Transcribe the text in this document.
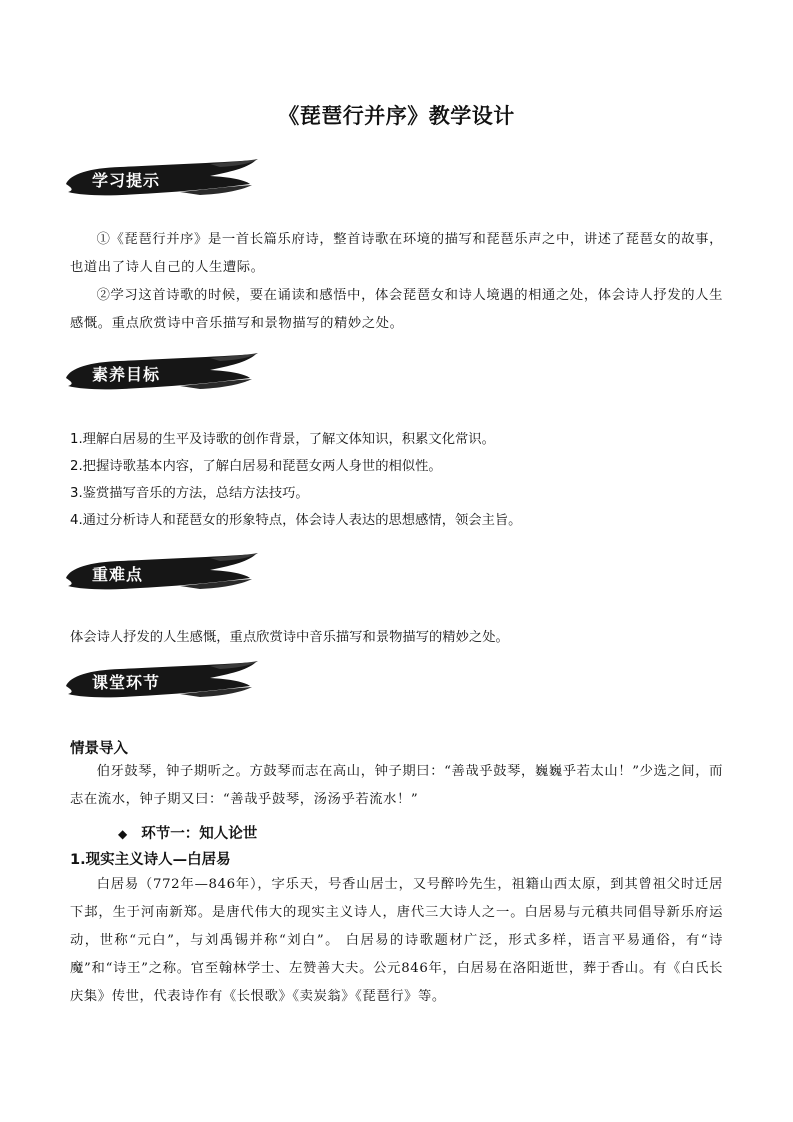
《琵琶行并序》教学设计
学习提示
①《琵琶行并序》是一首长篇乐府诗，整首诗歌在环境的描写和琵琶乐声之中，讲述了琵琶女的故事，也道出了诗人自己的人生遭际。
②学习这首诗歌的时候，要在诵读和感悟中，体会琵琶女和诗人境遇的相通之处，体会诗人抒发的人生感慨。重点欣赏诗中音乐描写和景物描写的精妙之处。
素养目标
1.理解白居易的生平及诗歌的创作背景，了解文体知识，积累文化常识。
2.把握诗歌基本内容，了解白居易和琵琶女两人身世的相似性。
3.鉴赏描写音乐的方法，总结方法技巧。
4.通过分析诗人和琵琶女的形象特点，体会诗人表达的思想感情，领会主旨。
重难点
体会诗人抒发的人生感慨，重点欣赏诗中音乐描写和景物描写的精妙之处。
课堂环节
情景导入
伯牙鼓琴，钟子期听之。方鼓琴而志在高山，钟子期曰：“善哉乎鼓琴，巍巍乎若太山！”少选之间，而志在流水，钟子期又曰：“善哉乎鼓琴，汤汤乎若流水！”
◆ 环节一：知人论世
1.现实主义诗人—白居易
白居易（772年—846年），字乐天，号香山居士，又号醉吟先生，祖籍山西太原，到其曾祖父时迁居下邽，生于河南新郑。是唐代伟大的现实主义诗人，唐代三大诗人之一。白居易与元稹共同倡导新乐府运动，世称“元白”，与刘禹锡并称“刘白”。 白居易的诗歌题材广泛，形式多样，语言平易通俗，有“诗魔”和“诗王”之称。官至翰林学士、左赞善大夫。公元846年，白居易在洛阳逝世，葬于香山。有《白氏长庆集》传世，代表诗作有《长恨歌》《卖炭翁》《琵琶行》等。
